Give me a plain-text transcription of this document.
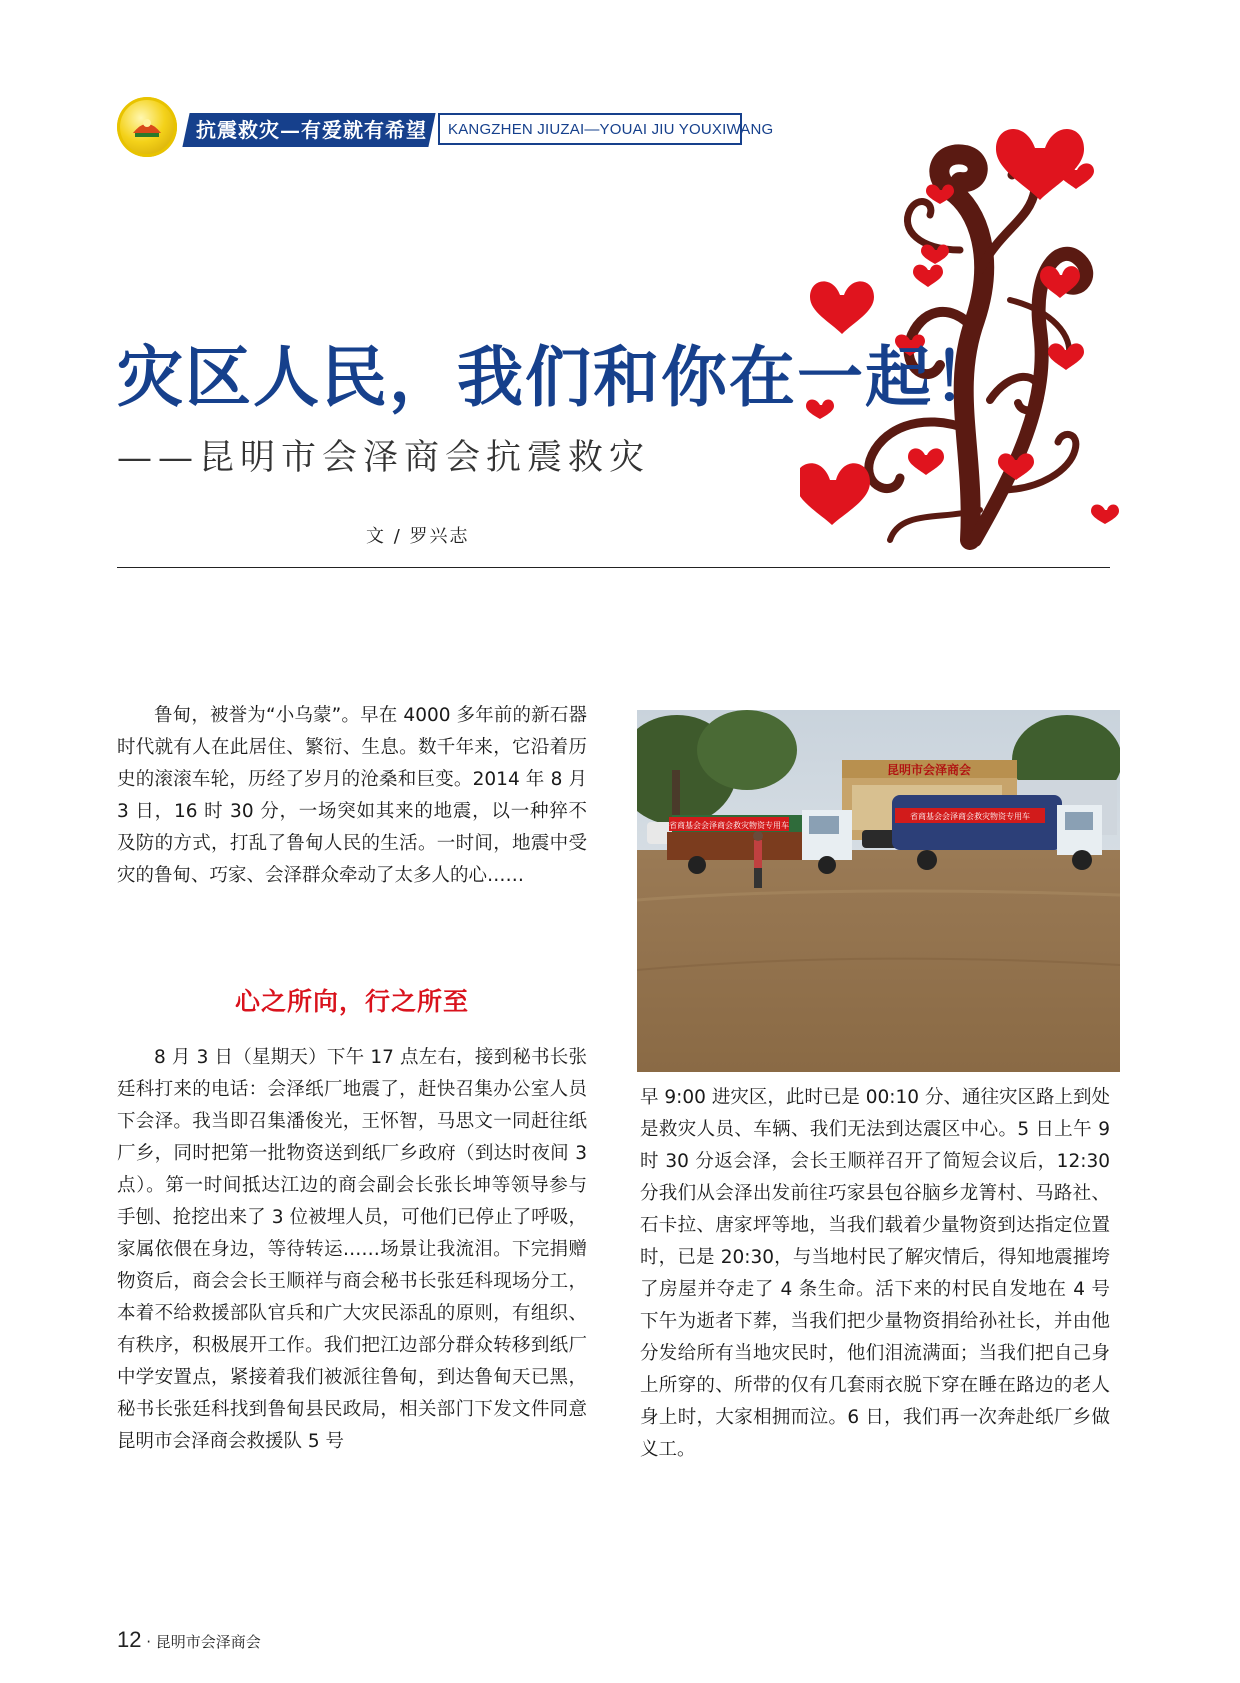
抗震救灾—有爱就有希望 KANGZHEN JIUZAI—YOUAI JIU YOUXIWANG
灾区人民，我们和你在一起！
——昆明市会泽商会抗震救灾
文 / 罗兴志

鲁甸，被誉为“小乌蒙”。早在 4000 多年前的新石器时代就有人在此居住、繁衍、生息。数千年来，它沿着历史的滚滚车轮，历经了岁月的沧桑和巨变。2014 年 8 月 3 日，16 时 30 分，一场突如其来的地震，以一种猝不及防的方式，打乱了鲁甸人民的生活。一时间，地震中受灾的鲁甸、巧家、会泽群众牵动了太多人的心……

心之所向，行之所至

8 月 3 日（星期天）下午 17 点左右，接到秘书长张廷科打来的电话：会泽纸厂地震了，赶快召集办公室人员下会泽。我当即召集潘俊光，王怀智，马思文一同赶往纸厂乡，同时把第一批物资送到纸厂乡政府（到达时夜间 3 点）。第一时间抵达江边的商会副会长张长坤等领导参与手刨、抢挖出来了 3 位被埋人员，可他们已停止了呼吸，家属依偎在身边，等待转运……场景让我流泪。下完捐赠物资后，商会会长王顺祥与商会秘书长张廷科现场分工，本着不给救援部队官兵和广大灾民添乱的原则，有组织、有秩序，积极展开工作。我们把江边部分群众转移到纸厂中学安置点，紧接着我们被派往鲁甸，到达鲁甸天已黑，秘书长张廷科找到鲁甸县民政局，相关部门下发文件同意昆明市会泽商会救援队 5 号

昆明市会泽商会
省商基会会泽商会救灾物资专用车
省商基会会泽商会救灾物资专用车

早 9:00 进灾区，此时已是 00:10 分、通往灾区路上到处是救灾人员、车辆、我们无法到达震区中心。5 日上午 9 时 30 分返会泽，会长王顺祥召开了简短会议后，12:30 分我们从会泽出发前往巧家县包谷脑乡龙箐村、马路社、石卡拉、唐家坪等地，当我们载着少量物资到达指定位置时，已是 20:30，与当地村民了解灾情后，得知地震摧垮了房屋并夺走了 4 条生命。活下来的村民自发地在 4 号下午为逝者下葬，当我们把少量物资捐给孙社长，并由他分发给所有当地灾民时，他们泪流满面；当我们把自己身上所穿的、所带的仅有几套雨衣脱下穿在睡在路边的老人身上时，大家相拥而泣。6 日，我们再一次奔赴纸厂乡做义工。

12 · 昆明市会泽商会
